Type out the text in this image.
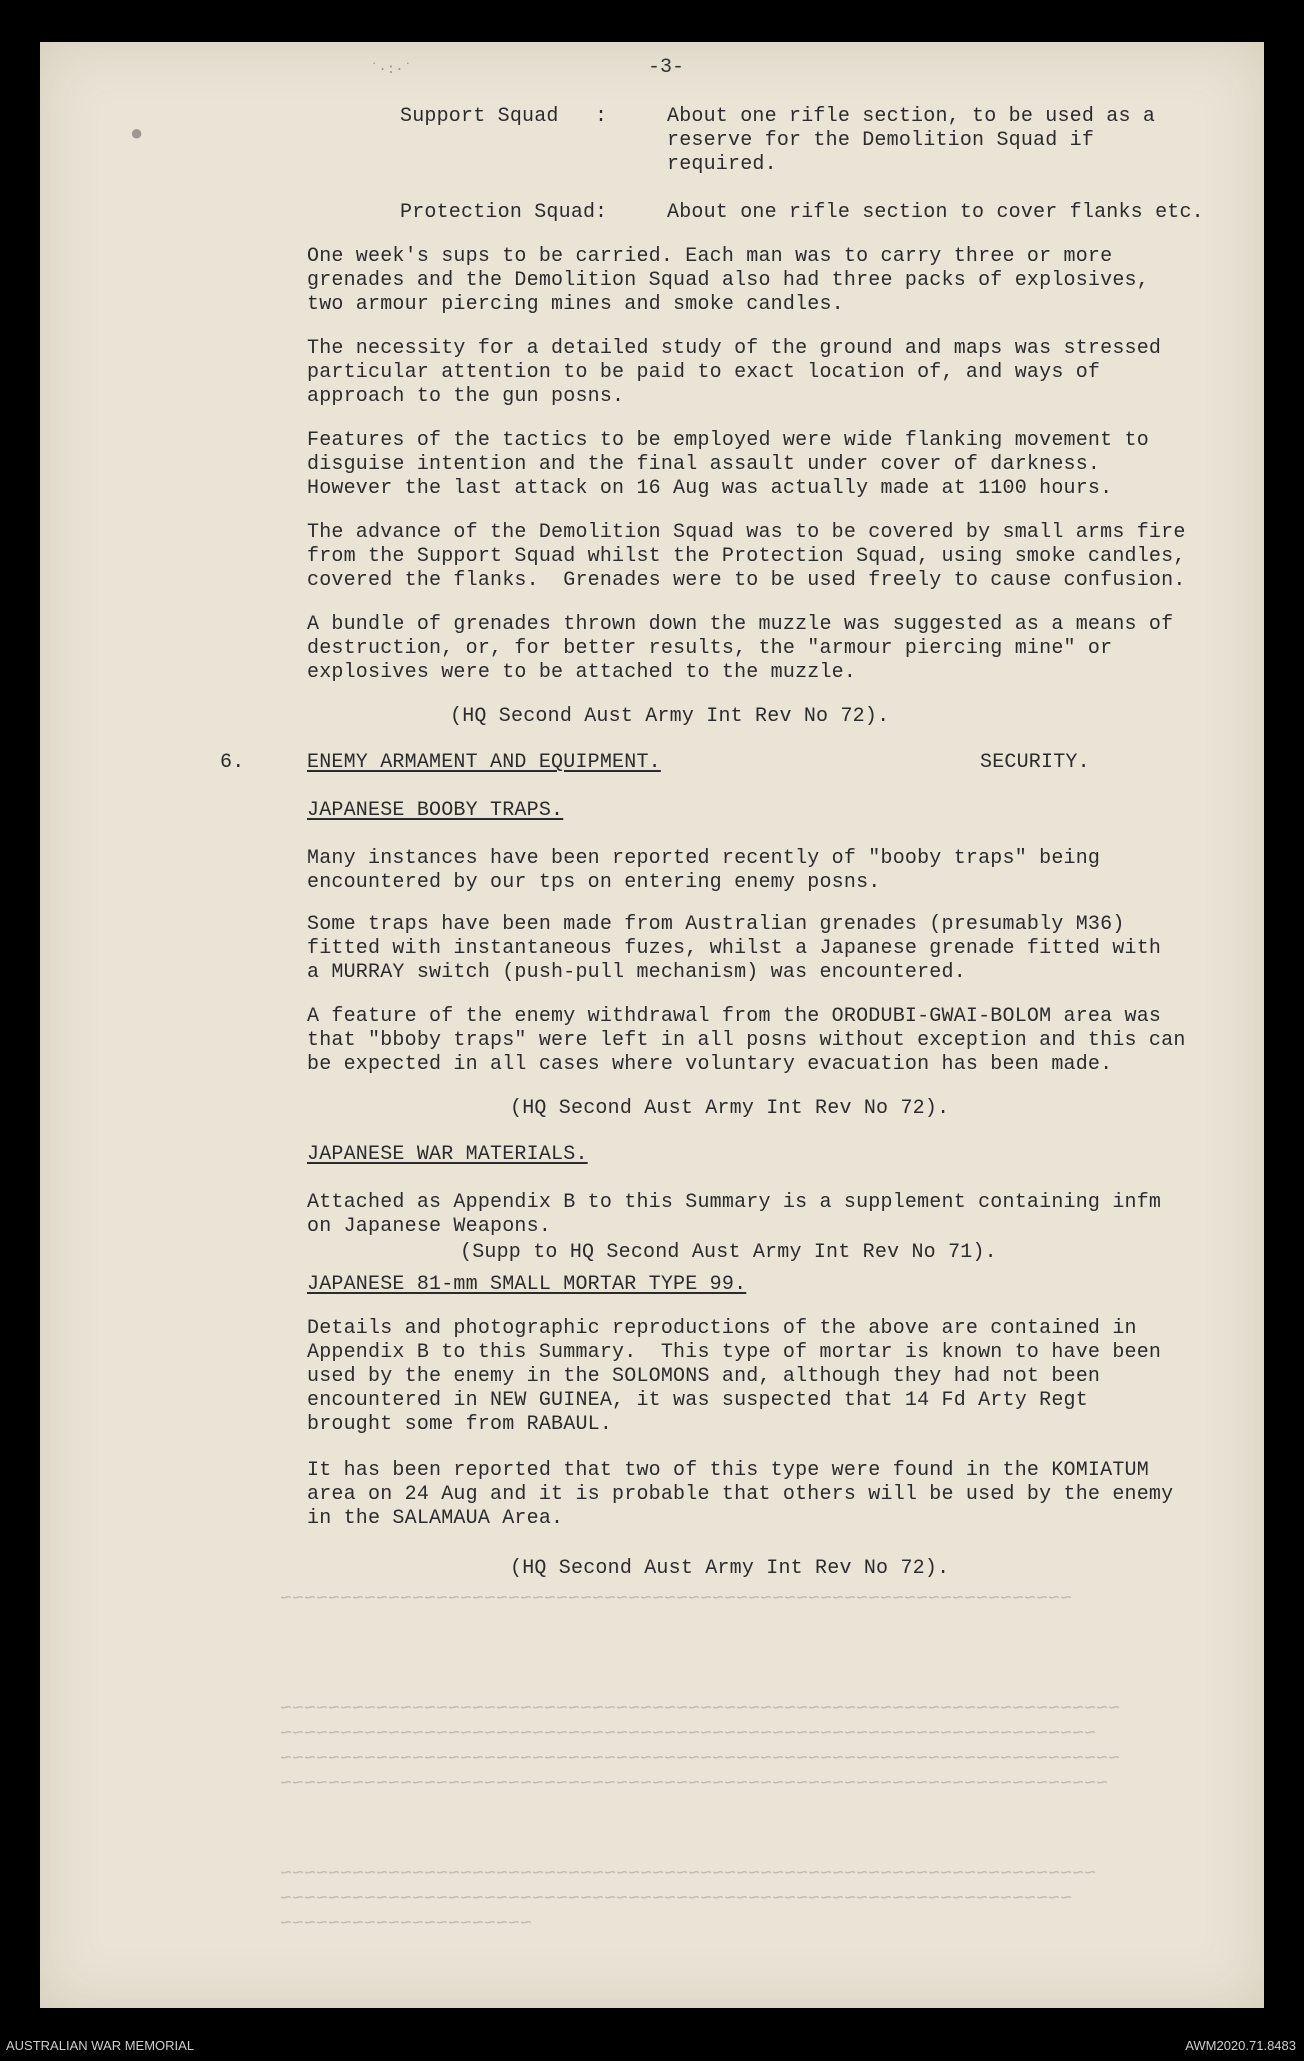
-3-
˙·:·˙
●
Support Squad :	About one rifle section, to be used as a
reserve for the Demolition Squad if
required.
Protection Squad :	About one rifle section to cover flanks etc.
One week's sups to be carried. Each man was to carry three or more
grenades and the Demolition Squad also had three packs of explosives,
two armour piercing mines and smoke candles.
The necessity for a detailed study of the ground and maps was stressed
particular attention to be paid to exact location of, and ways of
approach to the gun posns.
Features of the tactics to be employed were wide flanking movement to
disguise intention and the final assault under cover of darkness.
However the last attack on 16 Aug was actually made at 1100 hours.
The advance of the Demolition Squad was to be covered by small arms fire
from the Support Squad whilst the Protection Squad, using smoke candles,
covered the flanks.  Grenades were to be used freely to cause confusion.
A bundle of grenades thrown down the muzzle was suggested as a means of
destruction, or, for better results, the "armour piercing mine" or
explosives were to be attached to the muzzle.
(HQ Second Aust Army Int Rev No 72).
6.	ENEMY ARMAMENT AND EQUIPMENT.	SECURITY.
JAPANESE BOOBY TRAPS.
Many instances have been reported recently of "booby traps" being
encountered by our tps on entering enemy posns.
Some traps have been made from Australian grenades (presumably M36)
fitted with instantaneous fuzes, whilst a Japanese grenade fitted with
a MURRAY switch (push-pull mechanism) was encountered.
A feature of the enemy withdrawal from the ORODUBI-GWAI-BOLOM area was
that "bboby traps" were left in all posns without exception and this can
be expected in all cases where voluntary evacuation has been made.
(HQ Second Aust Army Int Rev No 72).
JAPANESE WAR MATERIALS.
Attached as Appendix B to this Summary is a supplement containing infm
on Japanese Weapons.
(Supp to HQ Second Aust Army Int Rev No 71).
JAPANESE 81-mm SMALL MORTAR TYPE 99.
Details and photographic reproductions of the above are contained in
Appendix B to this Summary.  This type of mortar is known to have been
used by the enemy in the SOLOMONS and, although they had not been
encountered in NEW GUINEA, it was suspected that 14 Fd Arty Regt
brought some from RABAUL.
It has been reported that two of this type were found in the KOMIATUM
area on 24 Aug and it is probable that others will be used by the enemy
in the SALAMAUA Area.
(HQ Second Aust Army Int Rev No 72).
~~~~~~~~~~~~~~~~~~~~~~~~~~~~~~~~~~~~~~~~~~~~~~~~~~~~~~~~~~~~~~~~~~
~~~~~~~~~~~~~~~~~~~~~~~~~~~~~~~~~~~~~~~~~~~~~~~~~~~~~~~~~~~~~~~~~~~~~~
~~~~~~~~~~~~~~~~~~~~~~~~~~~~~~~~~~~~~~~~~~~~~~~~~~~~~~~~~~~~~~~~~~~~
~~~~~~~~~~~~~~~~~~~~~~~~~~~~~~~~~~~~~~~~~~~~~~~~~~~~~~~~~~~~~~~~~~~~~~
~~~~~~~~~~~~~~~~~~~~~~~~~~~~~~~~~~~~~~~~~~~~~~~~~~~~~~~~~~~~~~~~~~~~~
~~~~~~~~~~~~~~~~~~~~~~~~~~~~~~~~~~~~~~~~~~~~~~~~~~~~~~~~~~~~~~~~~~~~
~~~~~~~~~~~~~~~~~~~~~~~~~~~~~~~~~~~~~~~~~~~~~~~~~~~~~~~~~~~~~~~~~~
~~~~~~~~~~~~~~~~~~~~~
AUSTRALIAN WAR MEMORIAL	AWM2020.71.8483
